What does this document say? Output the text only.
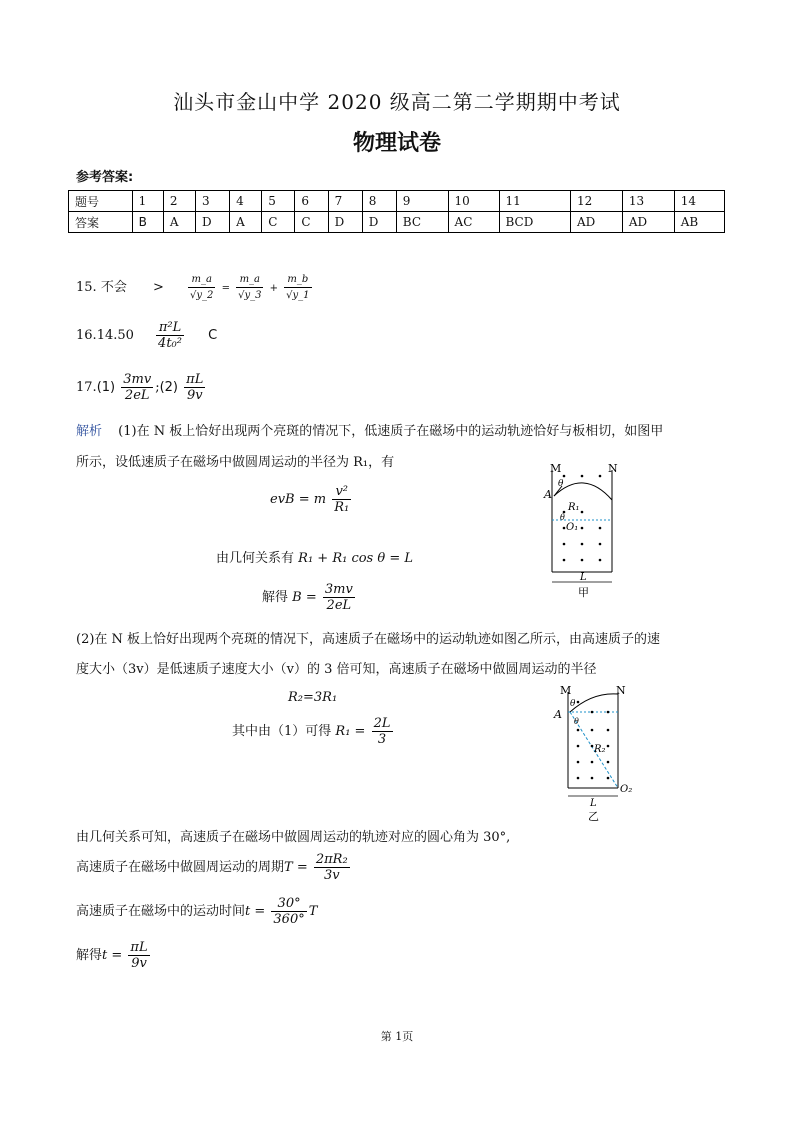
汕头市金山中学 2020 级高二第二学期期中考试
物理试卷
参考答案:
题号	1	2	3	4	5	6	7	8	9	10	11	12	13	14
答案	B	A	D	A	C	C	D	D	BC	AC	BCD	AD	AD	AB
15. 不会 > $\frac{m\_a}{√y\_2} = \frac{m\_a}{√y\_3} + \frac{m\_b}{√y\_1}$
$16.14.50 \frac{\text{π²L}}{\text{4t₀²}}$ C
$17.(1) \frac{3mv}{2eL}$ ;(2) $\frac{\pi L}{9v}$
解析 (1)在 N 板上恰好出现两个亮斑的情况下，低速质子在磁场中的运动轨迹恰好与板相切，如图甲
所示，设低速质子在磁场中做圆周运动的半径为 R₁，有
evB = m $\frac{\text{v²}}{\text{R₁}}$
由几何关系有 R₁ + R₁ cos θ = L
解得 $B = \frac{3mv}{2eL}$
(2)在 N 板上恰好出现两个亮斑的情况下，高速质子在磁场中的运动轨迹如图乙所示，由高速质子的速
度大小（3v）是低速质子速度大小（v）的 3 倍可知，高速质子在磁场中做圆周运动的半径
R₂=3R₁
其中由（1）可得 $R_1 = \frac{2L}{3}$
由几何关系可知，高速质子在磁场中做圆周运动的轨迹对应的圆心角为 30°,
高速质子在磁场中做圆周运动的周期$T = \frac{\text{2πR₂}}{3v}$
高速质子在磁场中的运动时间$t = \frac{30^\circ}{360^\circ}$ T
解得$t = \frac{\pi L}{9v}$
M	N
A
θ
θ
R₁
O₁
L
甲
M	N
A
θ
θ
R₂
O₂
L
乙
第 1页
